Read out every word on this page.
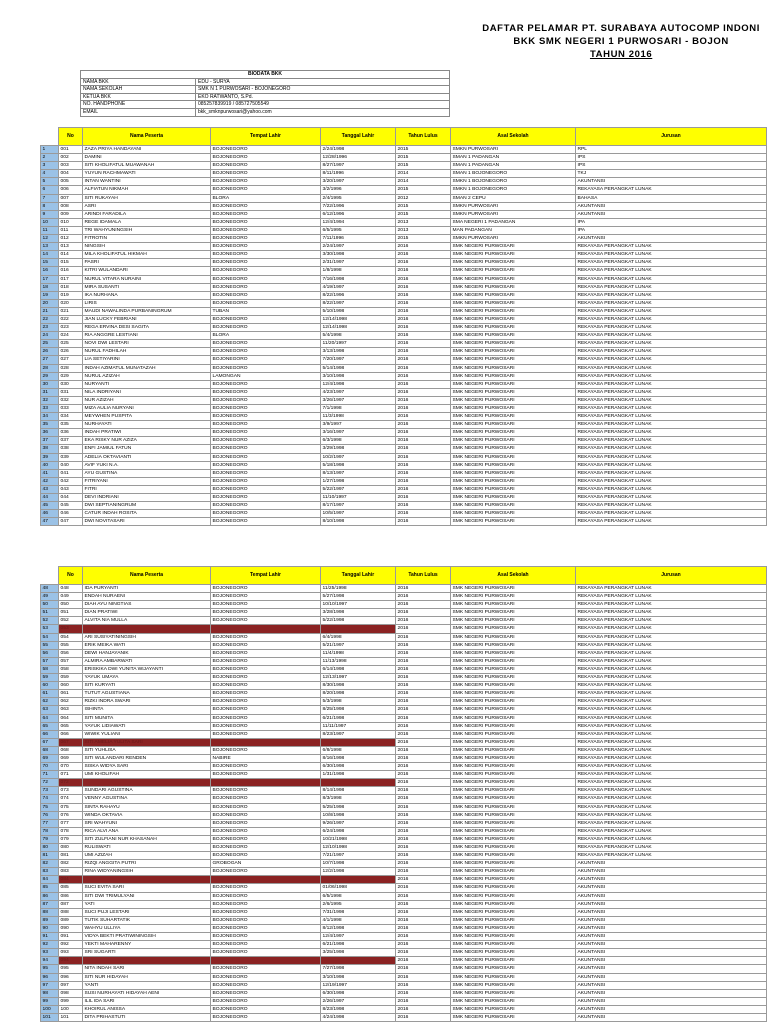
DAFTAR PELAMAR PT. SURABAYA AUTOCOMP INDONI
BKK SMK NEGERI 1 PURWOSARI - BOJON
TAHUN 2016
BIODATA BKK	
NAMA BKK	EDU - SURYA
NAMA SEKOLAH	SMK N 1 PURWOSARI - BOJONEGORO
KETUA BKK	EKO RATWANTO, S.Pd.
NO. HANDPHONE	085257839919 / 085727505549
EMAIL	bkk_smknpurwosari@yahoo.com
	No	Nama Peserta	Tempat Lahir	Tanggal Lahir	Tahun Lulus	Asal Sekolah	Jurusan
1	001	ZAZA PRIYA HANDAYANI	BOJONEGORO	2/24/1998	2015	SMKN PURWOSARI	RPL
2	002	DAMINI	BOJONEGORO	12/28/1996	2015	SMAN 1 PADANGAN	IPS
3	003	SITI KHOLIFATUL MUAWANAH	BOJONEGORO	8/27/1997	2015	SMAN 1 PADANGAN	IPS
4	004	YUYUN RACHMAWATI	BOJONEGORO	8/11/1996	2014	SMAN 1 BOJONEGORO	TKJ
5	005	INTAN WANTINI	BOJONEGORO	3/20/1997	2014	SMKN 1 BOJONEGORO	AKUNTANSI
6	006	ALFIATUN NIKMAH	BOJONEGORO	3/2/1996	2015	SMKN 1 BOJONEGORO	REKAYASA PERANGKAT LUNAK
7	007	SITI RUKAYAH	BLORA	2/4/1995	2012	SMAN 2 CEPU	BAHASA
8	008	ASRI	BOJONEGORO	7/22/1996	2015	SMKN PURWOSARI	AKUNTANSI
9	009	ARINDI FARADILA	BOJONEGORO	6/12/1996	2015	SMKN PURWOSARI	AKUNTANSI
10	010	REGE IDAMALA	BOJONEGORO	12/4/1994	2013	SMA NEGERI 1 PADANGAN	IPA
11	011	TRI WAHYUNINGSIH	BOJONEGORO	6/5/1995	2013	MAN PADANGAN	IPA
12	012	FITROTIN	BOJONEGORO	7/11/1996	2015	SMKN PURWOSARI	AKUNTANSI
13	013	NINGSIH	BOJONEGORO	2/24/1997	2016	SMK NEGERI PURWOSARI	REKAYASA PERANGKAT LUNAK
14	014	MILA KHOLIFATUL HIKMAH	BOJONEGORO	3/30/1998	2016	SMK NEGERI PURWOSARI	REKAYASA PERANGKAT LUNAK
15	015	PASRI	BOJONEGORO	2/31/1997	2016	SMK NEGERI PURWOSARI	REKAYASA PERANGKAT LUNAK
16	016	KITRI WULANDARI	BOJONEGORO	1/8/1998	2016	SMK NEGERI PURWOSARI	REKAYASA PERANGKAT LUNAK
17	017	NURUL VITARA NURAINI	BOJONEGORO	7/16/1998	2016	SMK NEGERI PURWOSARI	REKAYASA PERANGKAT LUNAK
18	018	MIRA SUSANTI	BOJONEGORO	4/19/1997	2016	SMK NEGERI PURWOSARI	REKAYASA PERANGKAT LUNAK
19	019	IKA NURHANA	BOJONEGORO	8/22/1996	2016	SMK NEGERI PURWOSARI	REKAYASA PERANGKAT LUNAK
20	020	LIRIS	BOJONEGORO	8/22/1997	2016	SMK NEGERI PURWOSARI	REKAYASA PERANGKAT LUNAK
21	021	MAUDI NAWALINDA PURBANINGRUM	TUBAN	5/10/1998	2016	SMK NEGERI PURWOSARI	REKAYASA PERANGKAT LUNAK
22	022	JIAN LUCKY FEBRIANI	BOJONEGORO	12/14/1998	2016	SMK NEGERI PURWOSARI	REKAYASA PERANGKAT LUNAK
23	023	REGA ERVINA DESI SAGITA	BOJONEGORO	12/14/1998	2016	SMK NEGERI PURWOSARI	REKAYASA PERANGKAT LUNAK
24	024	RIA ANGGRE LESTIANI	BLORA	5/4/1998	2016	SMK NEGERI PURWOSARI	REKAYASA PERANGKAT LUNAK
25	025	NOVI DWI LESTARI	BOJONEGORO	11/20/1997	2016	SMK NEGERI PURWOSARI	REKAYASA PERANGKAT LUNAK
26	026	NURUL FADHILAH	BOJONEGORO	3/13/1998	2016	SMK NEGERI PURWOSARI	REKAYASA PERANGKAT LUNAK
27	027	LIA SETIYARINI	BOJONEGORO	7/20/1997	2016	SMK NEGERI PURWOSARI	REKAYASA PERANGKAT LUNAK
28	028	INDAH AZIMATUL MUNATAZAH	BOJONEGORO	5/14/1998	2016	SMK NEGERI PURWOSARI	REKAYASA PERANGKAT LUNAK
29	029	NURUL AZIZAH	LAMONGAN	3/10/1998	2016	SMK NEGERI PURWOSARI	REKAYASA PERANGKAT LUNAK
30	030	NURYANTI	BOJONEGORO	12/4/1998	2016	SMK NEGERI PURWOSARI	REKAYASA PERANGKAT LUNAK
31	031	NILA INDRIYANI	BOJONEGORO	4/23/1997	2016	SMK NEGERI PURWOSARI	REKAYASA PERANGKAT LUNAK
32	032	NUR AZIZAH	BOJONEGORO	3/26/1997	2016	SMK NEGERI PURWOSARI	REKAYASA PERANGKAT LUNAK
33	033	MIZA AULIA NURYANI	BOJONEGORO	7/1/1998	2016	SMK NEGERI PURWOSARI	REKAYASA PERANGKAT LUNAK
34	034	MEYWHEN PUSPITA	BOJONEGORO	11/3/1998	2016	SMK NEGERI PURWOSARI	REKAYASA PERANGKAT LUNAK
35	035	NURHAYATI	BOJONEGORO	3/9/1997	2016	SMK NEGERI PURWOSARI	REKAYASA PERANGKAT LUNAK
36	036	INDAH PRATIWI	BOJONEGORO	3/16/1997	2016	SMK NEGERI PURWOSARI	REKAYASA PERANGKAT LUNAK
37	037	EKA RISKY NUR AZIZA	BOJONEGORO	6/3/1998	2016	SMK NEGERI PURWOSARI	REKAYASA PERANGKAT LUNAK
38	038	ENFI JAMIUL FATUN	BOJONEGORO	3/29/1998	2016	SMK NEGERI PURWOSARI	REKAYASA PERANGKAT LUNAK
39	039	ADELIA OKTAVIANTI	BOJONEGORO	10/2/1997	2016	SMK NEGERI PURWOSARI	REKAYASA PERANGKAT LUNAK
40	040	AVIF YUKI N.A.	BOJONEGORO	5/18/1998	2016	SMK NEGERI PURWOSARI	REKAYASA PERANGKAT LUNAK
41	041	AYU GUSTINA	BOJONEGORO	8/13/1997	2016	SMK NEGERI PURWOSARI	REKAYASA PERANGKAT LUNAK
42	042	FITRIYANI	BOJONEGORO	1/27/1998	2016	SMK NEGERI PURWOSARI	REKAYASA PERANGKAT LUNAK
43	043	FITRI	BOJONEGORO	5/22/1997	2016	SMK NEGERI PURWOSARI	REKAYASA PERANGKAT LUNAK
44	044	DEVI INDRIANI	BOJONEGORO	11/10/1997	2016	SMK NEGERI PURWOSARI	REKAYASA PERANGKAT LUNAK
45	045	DWI SEPTIANINGRUM	BOJONEGORO	8/17/1997	2016	SMK NEGERI PURWOSARI	REKAYASA PERANGKAT LUNAK
46	046	CATUR INDAH ROSITA	BOJONEGORO	10/5/1997	2016	SMK NEGERI PURWOSARI	REKAYASA PERANGKAT LUNAK
47	047	DWI NOVITASARI	BOJONEGORO	8/10/1998	2016	SMK NEGERI PURWOSARI	REKAYASA PERANGKAT LUNAK
	No	Nama Peserta	Tempat Lahir	Tanggal Lahir	Tahun Lulus	Asal Sekolah	Jurusan
48	048	IDA PURYANTI	BOJONEGORO	11/25/1998	2016	SMK NEGERI PURWOSARI	REKAYASA PERANGKAT LUNAK
49	049	ENDAH NURAENI	BOJONEGORO	5/27/1998	2016	SMK NEGERI PURWOSARI	REKAYASA PERANGKAT LUNAK
50	050	DIAH AYU NINGTIAS	BOJONEGORO	10/10/1997	2016	SMK NEGERI PURWOSARI	REKAYASA PERANGKAT LUNAK
51	051	DIAN PRATIWI	BOJONEGORO	3/28/1998	2016	SMK NEGERI PURWOSARI	REKAYASA PERANGKAT LUNAK
52	052	ALVITA NIA MULLA	BOJONEGORO	5/22/1998	2016	SMK NEGERI PURWOSARI	REKAYASA PERANGKAT LUNAK
53	053				2016	SMK NEGERI PURWOSARI	REKAYASA PERANGKAT LUNAK
54	054	ARI SUSIYATININGSIH	BOJONEGORO	6/4/1998	2016	SMK NEGERI PURWOSARI	REKAYASA PERANGKAT LUNAK
55	055	ERIK MEIKA WATI	BOJONEGORO	5/21/1997	2016	SMK NEGERI PURWOSARI	REKAYASA PERANGKAT LUNAK
56	056	DEWI HANJAYANIK	BOJONEGORO	11/4/1998	2016	SMK NEGERI PURWOSARI	REKAYASA PERANGKAT LUNAK
57	057	ALMIRA AMBARWATI	BOJONEGORO	11/13/1998	2016	SMK NEGERI PURWOSARI	REKAYASA PERANGKAT LUNAK
58	058	ERISKIKA DWI YUNITA WIJAYANTI	BOJONEGORO	6/14/1998	2016	SMK NEGERI PURWOSARI	REKAYASA PERANGKAT LUNAK
59	059	YAYUK UMAYA	BOJONEGORO	12/13/1997	2016	SMK NEGERI PURWOSARI	REKAYASA PERANGKAT LUNAK
60	060	SITI KURYATI	BOJONEGORO	8/30/1998	2016	SMK NEGERI PURWOSARI	REKAYASA PERANGKAT LUNAK
61	061	TUTUT AGUSTIANA	BOJONEGORO	8/20/1998	2016	SMK NEGERI PURWOSARI	REKAYASA PERANGKAT LUNAK
62	062	RIZKI INDRA SWARI	BOJONEGORO	5/3/1998	2016	SMK NEGERI PURWOSARI	REKAYASA PERANGKAT LUNAK
63	063	ISHINTA	BOJONEGORO	8/25/1998	2016	SMK NEGERI PURWOSARI	REKAYASA PERANGKAT LUNAK
64	064	SITI MUNITA	BOJONEGORO	6/21/1998	2016	SMK NEGERI PURWOSARI	REKAYASA PERANGKAT LUNAK
65	065	YAYUK LIDIAWATI	BOJONEGORO	11/11/1997	2016	SMK NEGERI PURWOSARI	REKAYASA PERANGKAT LUNAK
66	066	WIWIK YULIANI	BOJONEGORO	8/23/1997	2016	SMK NEGERI PURWOSARI	REKAYASA PERANGKAT LUNAK
67	067	SITI AMELIA YULITA SARI			2016	SMK NEGERI PURWOSARI	REKAYASA PERANGKAT LUNAK
68	068	SITI YUHLISA	BOJONEGORO	6/8/1998	2016	SMK NEGERI PURWOSARI	REKAYASA PERANGKAT LUNAK
69	069	SITI WULANDARI RENDEN	NABIRE	8/16/1998	2016	SMK NEGERI PURWOSARI	REKAYASA PERANGKAT LUNAK
70	070	SISKA WIDYA SARI	BOJONEGORO	6/30/1998	2016	SMK NEGERI PURWOSARI	REKAYASA PERANGKAT LUNAK
71	071	UMI KHOLIFAH	BOJONEGORO	1/31/1998	2016	SMK NEGERI PURWOSARI	REKAYASA PERANGKAT LUNAK
72	072				2016	SMK NEGERI PURWOSARI	REKAYASA PERANGKAT LUNAK
73	073	SUNDARI AGUSTINA	BOJONEGORO	8/14/1998	2016	SMK NEGERI PURWOSARI	REKAYASA PERANGKAT LUNAK
74	074	VENNY AGUSTINA	BOJONEGORO	8/3/1998	2016	SMK NEGERI PURWOSARI	REKAYASA PERANGKAT LUNAK
75	075	SINTA RAHAYU	BOJONEGORO	5/25/1998	2016	SMK NEGERI PURWOSARI	REKAYASA PERANGKAT LUNAK
76	076	WINDA OKTAVIA	BOJONEGORO	10/8/1998	2016	SMK NEGERI PURWOSARI	REKAYASA PERANGKAT LUNAK
77	077	SRI WAHYUNI	BOJONEGORO	9/26/1997	2016	SMK NEGERI PURWOSARI	REKAYASA PERANGKAT LUNAK
78	078	RICA ALVI ANA	BOJONEGORO	6/24/1998	2016	SMK NEGERI PURWOSARI	REKAYASA PERANGKAT LUNAK
79	079	SITI ZULFIANI NUR KHASANAH	BOJONEGORO	10/21/1998	2016	SMK NEGERI PURWOSARI	REKAYASA PERANGKAT LUNAK
80	080	RULISWATI	BOJONEGORO	12/10/1998	2016	SMK NEGERI PURWOSARI	REKAYASA PERANGKAT LUNAK
81	081	UMI AZIZAH	BOJONEGORO	7/21/1997	2016	SMK NEGERI PURWOSARI	REKAYASA PERANGKAT LUNAK
82	082	RIZQI ANGGITA PUTRI	GROBOGAN	10/7/1998	2016	SMK NEGERI PURWOSARI	AKUNTANSI
83	083	RINA WIDYANINGSIH	BOJONEGORO	12/2/1998	2016	SMK NEGERI PURWOSARI	AKUNTANSI
84	084				2016	SMK NEGERI PURWOSARI	AKUNTANSI
85	085	SUCI EVITA SARI	BOJONEGORO	01/06/1998	2016	SMK NEGERI PURWOSARI	AKUNTANSI
86	086	SITI DWI TRIMULYANI	BOJONEGORO	6/5/1998	2016	SMK NEGERI PURWOSARI	AKUNTANSI
87	087	YATI	BOJONEGORO	2/6/1995	2016	SMK NEGERI PURWOSARI	AKUNTANSI
88	088	SUCI PUJI LESTARI	BOJONEGORO	7/31/1998	2016	SMK NEGERI PURWOSARI	AKUNTANSI
89	089	TUTIK SUHARTATIK	BOJONEGORO	4/1/1998	2016	SMK NEGERI PURWOSARI	AKUNTANSI
90	090	WAHYU ULLIYA	BOJONEGORO	8/12/1998	2016	SMK NEGERI PURWOSARI	AKUNTANSI
91	091	VIDYA BEKTI PRATIWININGSIH	BOJONEGORO	12/4/1997	2016	SMK NEGERI PURWOSARI	AKUNTANSI
92	092	YEKTI MAHARENNY	BOJONEGORO	6/21/1998	2016	SMK NEGERI PURWOSARI	AKUNTANSI
93	093	SRI SUGARTI	BOJONEGORO	3/25/1998	2016	SMK NEGERI PURWOSARI	AKUNTANSI
94	094				2016	SMK NEGERI PURWOSARI	AKUNTANSI
95	095	NITA INDAH SARI	BOJONEGORO	7/27/1998	2016	SMK NEGERI PURWOSARI	AKUNTANSI
96	096	SITI NUR HIDAYAH	BOJONEGORO	3/10/1998	2016	SMK NEGERI PURWOSARI	AKUNTANSI
97	097	YANTI	BOJONEGORO	12/19/1997	2016	SMK NEGERI PURWOSARI	AKUNTANSI
98	098	SUSI NURHAYATI HIDAYAH AENI	BOJONEGORO	6/30/1998	2016	SMK NEGERI PURWOSARI	AKUNTANSI
99	099	ILIL IDA SARI	BOJONEGORO	2/26/1997	2016	SMK NEGERI PURWOSARI	AKUNTANSI
100	100	KHOIRUL ANISSA	BOJONEGORO	8/23/1998	2016	SMK NEGERI PURWOSARI	AKUNTANSI
101	101	DITA PRIHASTUTI	BOJONEGORO	4/24/1998	2016	SMK NEGERI PURWOSARI	AKUNTANSI
